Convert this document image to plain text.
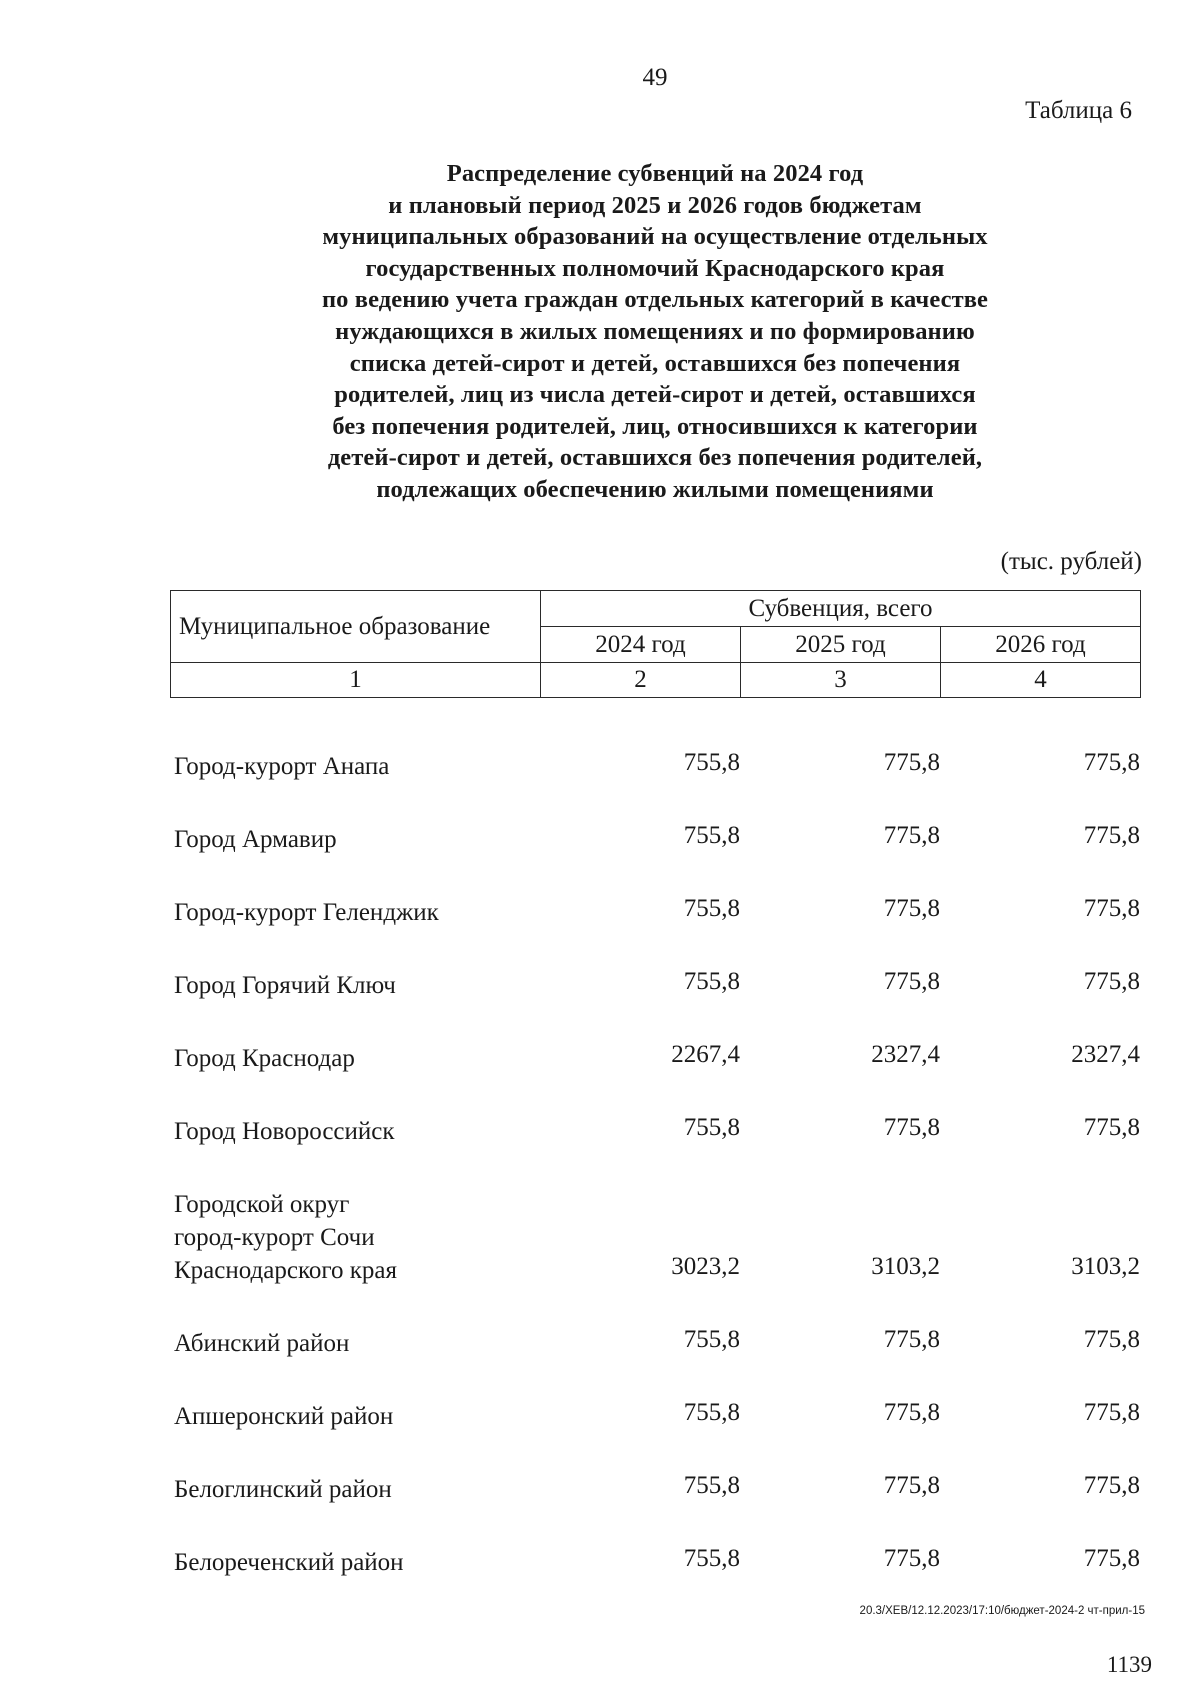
49
Таблица 6
Распределение субвенций на 2024 год
и плановый период 2025 и 2026 годов бюджетам
муниципальных образований на осуществление отдельных
государственных полномочий Краснодарского края
по ведению учета граждан отдельных категорий в качестве
нуждающихся в жилых помещениях и по формированию
списка детей-сирот и детей, оставшихся без попечения
родителей, лиц из числа детей-сирот и детей, оставшихся
без попечения родителей, лиц, относившихся к категории
детей-сирот и детей, оставшихся без попечения родителей,
подлежащих обеспечению жилыми помещениями
(тыс. рублей)
Муниципальное образование	Субвенция, всего		
	2024 год	2025 год	2026 год
1	2	3	4
Город-курорт Анапа	755,8	775,8	775,8
Город Армавир	755,8	775,8	775,8
Город-курорт Геленджик	755,8	775,8	775,8
Город Горячий Ключ	755,8	775,8	775,8
Город Краснодар	2267,4	2327,4	2327,4
Город Новороссийск	755,8	775,8	775,8
Городской округ
город-курорт Сочи
Краснодарского края	3023,2	3103,2	3103,2
Абинский район	755,8	775,8	775,8
Апшеронский район	755,8	775,8	775,8
Белоглинский район	755,8	775,8	775,8
Белореченский район	755,8	775,8	775,8
20.3/ХЕВ/12.12.2023/17:10/бюджет-2024-2 чт-прил-15
1139
